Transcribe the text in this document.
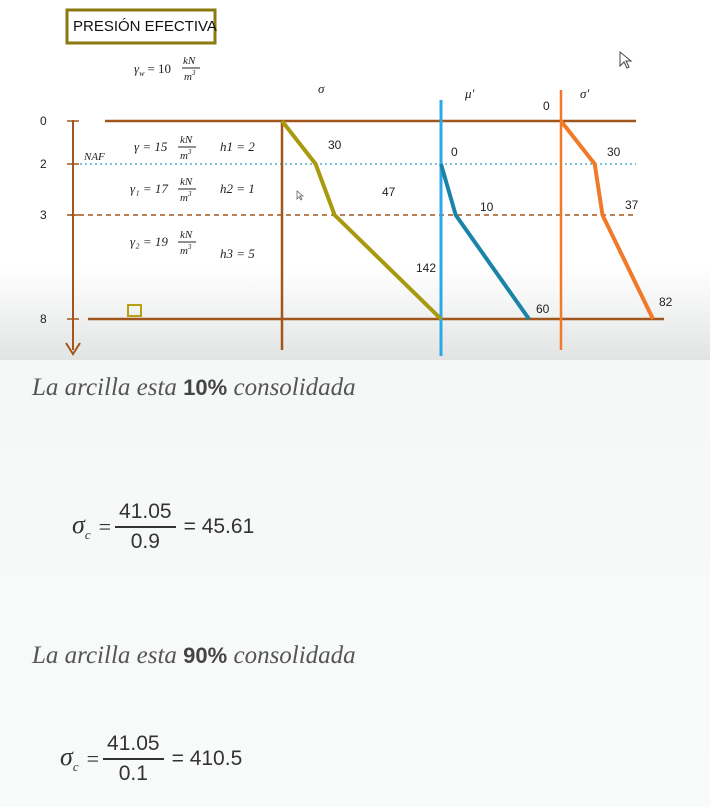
PRESIÓN EFECTIVA
$\gamma_w = 10$ kN
$m^3$
σ	μ'	σ'
0
2
3
8
NAF
γ = 15 kN
$m^3$ h1 = 2
γ₁ = 17 kN
$m^3$ h2 = 1
γ₂ = 19 kN
$m^3$ h3 = 5
30
47
142
0
10
60
0
30
37
82
La arcilla esta 10% consolidada
$\sigma_c = \frac{41.05}{0.9} = 45.61$
La arcilla esta 90% consolidada
$\sigma_c = \frac{41.05}{0.1} = 410.5$
